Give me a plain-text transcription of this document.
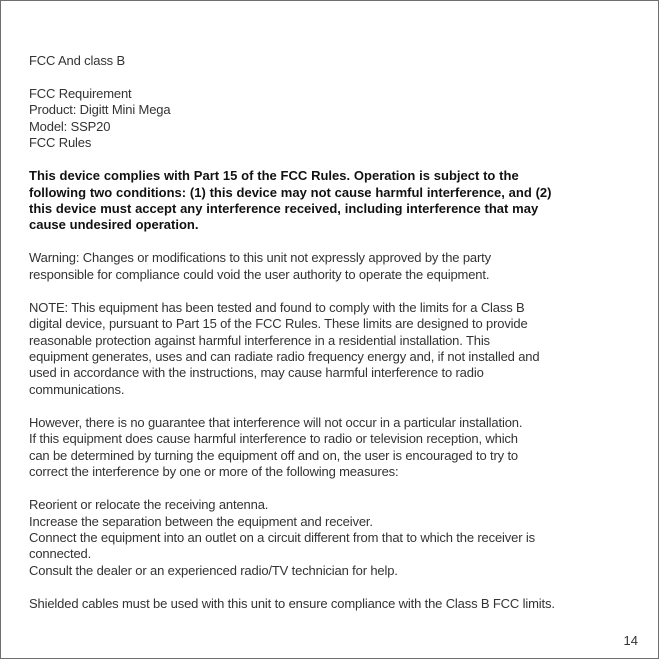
FCC And class B

FCC Requirement
Product: Digitt Mini Mega
Model: SSP20
FCC Rules

This device complies with Part 15 of the FCC Rules. Operation is subject to the
following two conditions: (1) this device may not cause harmful interference, and (2)
this device must accept any interference received, including interference that may
cause undesired operation.

Warning: Changes or modifications to this unit not expressly approved by the party
responsible for compliance could void the user authority to operate the equipment.

NOTE: This equipment has been tested and found to comply with the limits for a Class B
digital device, pursuant to Part 15 of the FCC Rules. These limits are designed to provide
reasonable protection against harmful interference in a residential installation. This
equipment generates, uses and can radiate radio frequency energy and, if not installed and
used in accordance with the instructions, may cause harmful interference to radio
communications.

However, there is no guarantee that interference will not occur in a particular installation.
If this equipment does cause harmful interference to radio or television reception, which
can be determined by turning the equipment off and on, the user is encouraged to try to
correct the interference by one or more of the following measures:

Reorient or relocate the receiving antenna.
Increase the separation between the equipment and receiver.
Connect the equipment into an outlet on a circuit different from that to which the receiver is
connected.
Consult the dealer or an experienced radio/TV technician for help.

Shielded cables must be used with this unit to ensure compliance with the Class B FCC limits.

14
